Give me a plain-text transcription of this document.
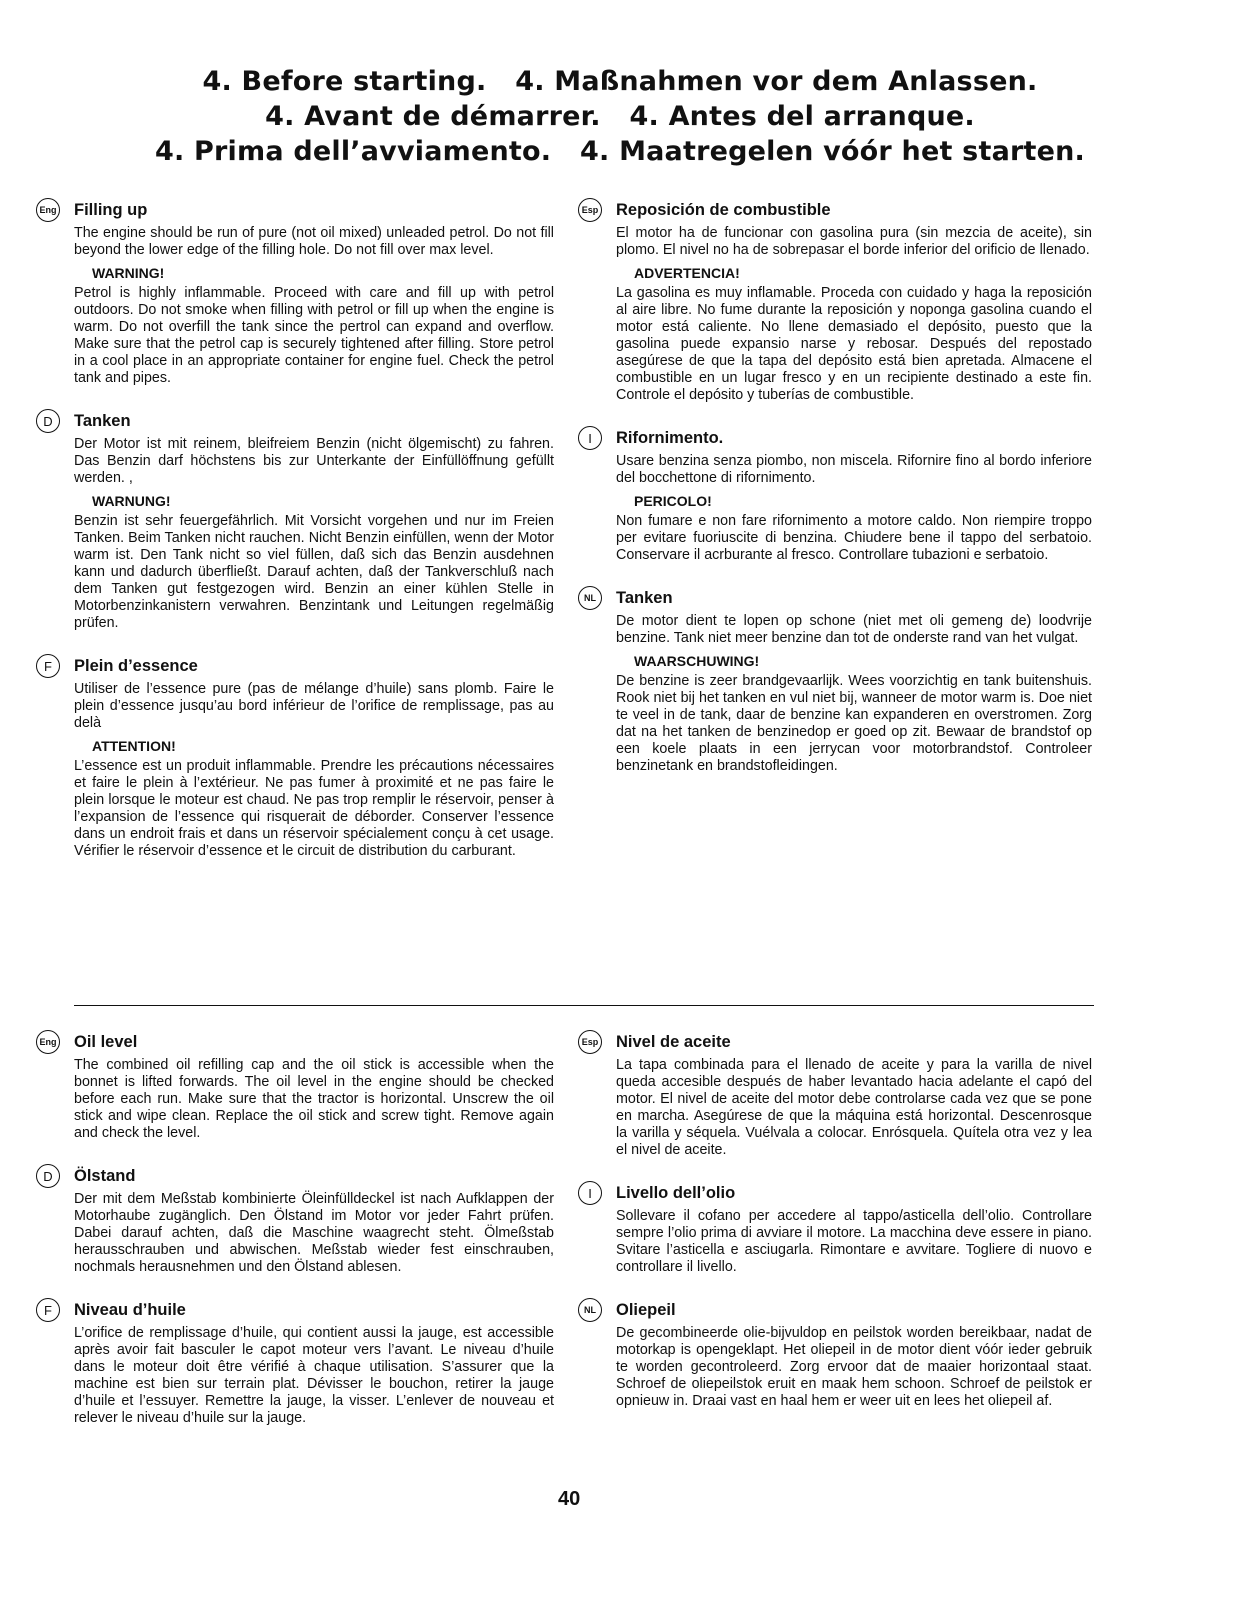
4. Before starting.   4. Maßnahmen vor dem Anlassen.
4. Avant de démarrer.   4. Antes del arranque.
4. Prima dell’avviamento.   4. Maatregelen vóór het starten.
Eng Filling up

The engine should be run of pure (not oil mixed) unleaded petrol. Do not fill beyond the lower edge of the filling hole. Do not fill over max level.

WARNING!

Petrol is highly inflammable. Proceed with care and fill up with petrol outdoors. Do not smoke when filling with petrol or fill up when the engine is warm. Do not overfill the tank since the pertrol can expand and overflow. Make sure that the petrol cap is securely tightened after filling. Store petrol in a cool place in an appropriate container for engine fuel. Check the petrol tank and pipes.

D	Tanken

Der Motor ist mit reinem, bleifreiem Benzin (nicht ölgemischt) zu fahren. Das Benzin darf höchstens bis zur Unterkante der Einfüllöffnung gefüllt werden. ,

WARNUNG!

Benzin ist sehr feuergefährlich. Mit Vorsicht vorgehen und nur im Freien Tanken. Beim Tanken nicht rauchen. Nicht Benzin einfüllen, wenn der Motor warm ist. Den Tank nicht so viel füllen, daß sich das Benzin ausdehnen kann und dadurch überfließt. Darauf achten, daß der Tankverschluß nach dem Tanken gut festgezogen wird. Benzin an einer kühlen Stelle in Motorbenzinkanistern verwahren. Benzintank und Leitungen regelmäßig prüfen.

F	Plein d’essence

Utiliser de l’essence pure (pas de mélange d’huile) sans plomb. Faire le plein d’essence jusqu’au bord inférieur de l’orifice de remplissage, pas au delà

ATTENTION!

L’essence est un produit inflammable. Prendre les précautions nécessaires et faire le plein à l’extérieur. Ne pas fumer à proximité et ne pas faire le plein lorsque le moteur est chaud. Ne pas trop remplir le réservoir, penser à l’expansion de l’essence qui risquerait de déborder. Conserver l’essence dans un endroit frais et dans un réservoir spécialement conçu à cet usage. Vérifier le réservoir d’essence et le circuit de distribution du carburant.

Esp Reposición de combustible

El motor ha de funcionar con gasolina pura (sin mezcia de aceite), sin plomo. El nivel no ha de sobrepasar el borde inferior del orificio de llenado.

ADVERTENCIA!

La gasolina es muy inflamable. Proceda con cuidado y haga la reposición al aire libre. No fume durante la reposición y noponga gasolina cuando el motor está caliente. No llene demasiado el depósito, puesto que la gasolina puede expansio narse y rebosar. Después del repostado asegúrese de que la tapa del depósito está bien apretada. Almacene el combustible en un lugar fresco y en un recipiente destinado a este fin. Controle el depósito y tuberías de combustible.

I	Rifornimento.

Usare benzina senza piombo, non miscela. Rifornire fino al bordo inferiore del bocchettone di rifornimento.

PERICOLO!

Non fumare e non fare rifornimento a motore caldo. Non riempire troppo per evitare fuoriuscite di benzina. Chiudere bene il tappo del serbatoio. Conservare il acrburante al fresco. Controllare tubazioni e serbatoio.

NL	Tanken

De motor dient te lopen op schone (niet met oli gemeng de) loodvrije benzine. Tank niet meer benzine dan tot de onderste rand van het vulgat.

WAARSCHUWING!

De benzine is zeer brandgevaarlijk. Wees voorzichtig en tank buitenshuis. Rook niet bij het tanken en vul niet bij, wanneer de motor warm is. Doe niet te veel in de tank, daar de benzine kan expanderen en overstromen. Zorg dat na het tanken de benzinedop er goed op zit. Bewaar de brandstof op een koele plaats in een jerrycan voor motorbrandstof. Controleer benzinetank en brandstofleidingen.

Eng Oil level

The combined oil refilling cap and the oil stick is accessible when the bonnet is lifted forwards. The oil level in the engine should be checked before each run. Make sure that the tractor is horizontal. Unscrew the oil stick and wipe clean. Replace the oil stick and screw tight. Remove again and check the level.

D	Ölstand

Der mit dem Meßstab kombinierte Öleinfülldeckel ist nach Aufklappen der Motorhaube zugänglich. Den Ölstand im Motor vor jeder Fahrt prüfen. Dabei darauf achten, daß die Maschine waagrecht steht. Ölmeßstab herausschrauben und abwischen. Meßstab wieder fest einschrauben, nochmals herausnehmen und den Ölstand ablesen.

F	Niveau d’huile

L’orifice de remplissage d’huile, qui contient aussi la jauge, est accessible après avoir fait basculer le capot moteur vers l’avant. Le niveau d’huile dans le moteur doit être vérifié à chaque utilisation. S’assurer que la machine est bien sur terrain plat. Dévisser le bouchon, retirer la jauge d’huile et l’essuyer. Remettre la jauge, la visser. L’enlever de nouveau et relever le niveau d’huile sur la jauge.

Esp Nivel de aceite

La tapa combinada para el llenado de aceite y para la varilla de nivel queda accesible después de haber levantado hacia adelante el capó del motor. El nivel de aceite del motor debe controlarse cada vez que se pone en marcha. Asegúrese de que la máquina está horizontal. Descenrosque la varilla y séquela. Vuélvala a colocar. Enrósquela. Quítela otra vez y lea el nivel de aceite.

I	Livello dell’olio

Sollevare il cofano per accedere al tappo/asticella dell’olio. Controllare sempre l’olio prima di avviare il motore. La macchina deve essere in piano. Svitare l’asticella e asciugarla. Rimontare e avvitare. Togliere di nuovo e controllare il livello.

NL	Oliepeil

De gecombineerde olie-bijvuldop en peilstok worden bereikbaar, nadat de motorkap is opengeklapt. Het oliepeil in de motor dient vóór ieder gebruik te worden gecontroleerd. Zorg ervoor dat de maaier horizontaal staat. Schroef de oliepeilstok eruit en maak hem schoon. Schroef de peilstok er opnieuw in. Draai vast en haal hem er weer uit en lees het oliepeil af.

40
